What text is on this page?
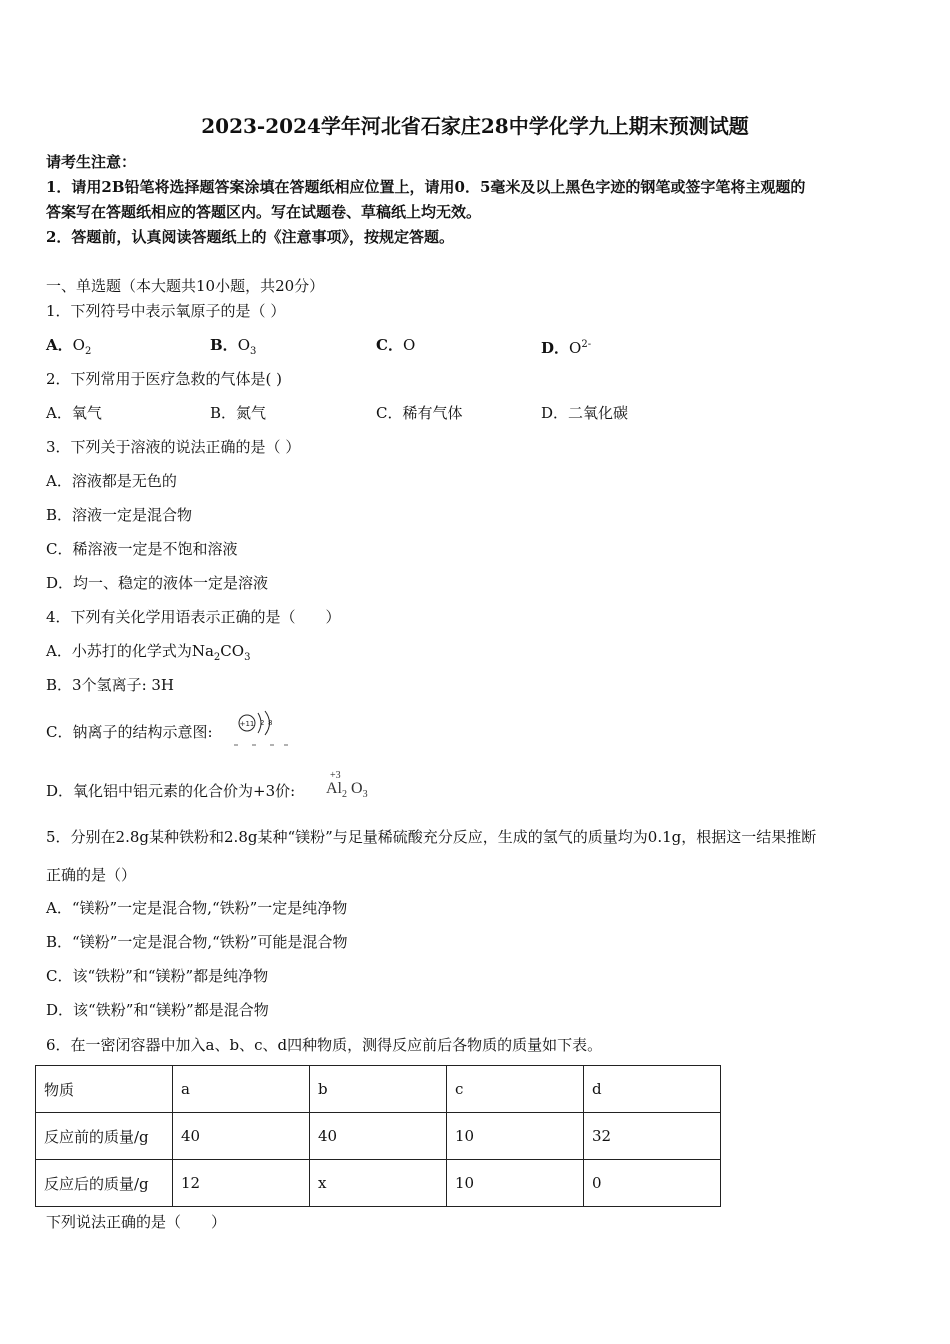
2023-2024学年河北省石家庄28中学化学九上期末预测试题
请考生注意：
1．请用2B铅笔将选择题答案涂填在答题纸相应位置上，请用0．5毫米及以上黑色字迹的钢笔或签字笔将主观题的
答案写在答题纸相应的答题区内。写在试题卷、草稿纸上均无效。
2．答题前，认真阅读答题纸上的《注意事项》，按规定答题。
一、单选题（本大题共10小题，共20分）
1．下列符号中表示氧原子的是（ ）
A．$O_2$	B．$O_3$	C．O	D．$O^{2-}$
2．下列常用于医疗急救的气体是( )
A．氧气	B．氮气	C．稀有气体	D．二氧化碳
3．下列关于溶液的说法正确的是（ ）
A．溶液都是无色的
B．溶液一定是混合物
C．稀溶液一定是不饱和溶液
D．均一、稳定的液体一定是溶液
4．下列有关化学用语表示正确的是（　　）
A．小苏打的化学式为$Na_2CO_3$
B．3个氢离子: 3H
C．钠离子的结构示意图:	+11 2 8
D．氧化铝中铝元素的化合价为+3价:
+3
$Al_2$ $O_3$
5．分别在2.8g某种铁粉和2.8g某种“镁粉”与足量稀硫酸充分反应，生成的氢气的质量均为0.1g，根据这一结果推断
正确的是（）
A．“镁粉”一定是混合物,“铁粉”一定是纯净物
B．“镁粉”一定是混合物,“铁粉”可能是混合物
C．该“铁粉”和“镁粉”都是纯净物
D．该“铁粉”和“镁粉”都是混合物
6．在一密闭容器中加入a、b、c、d四种物质，测得反应前后各物质的质量如下表。
物质	a	b	c	d
反应前的质量/g	40	40	10	32
反应后的质量/g	12	x	10	0
下列说法正确的是（　　）
